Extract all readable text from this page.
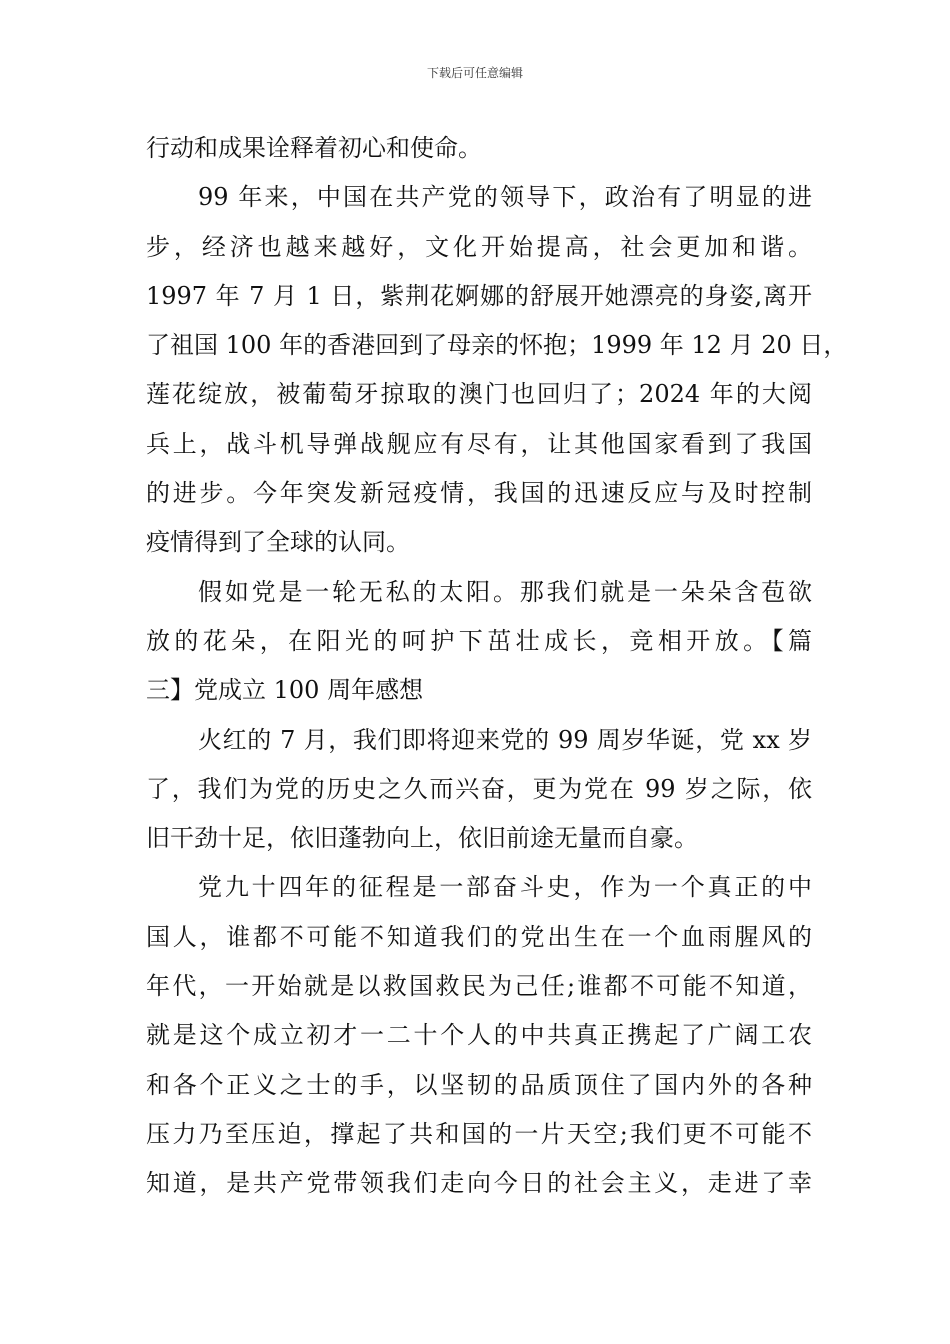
下载后可任意编辑
行动和成果诠释着初心和使命。
99 年来，中国在共产党的领导下，政治有了明显的进
步，经济也越来越好，文化开始提高，社会更加和谐。
1997 年 7 月 1 日，紫荆花婀娜的舒展开她漂亮的身姿,离开
了祖国 100 年的香港回到了母亲的怀抱；1999 年 12 月 20 日，
莲花绽放，被葡萄牙掠取的澳门也回归了；2024 年的大阅
兵上，战斗机导弹战舰应有尽有，让其他国家看到了我国
的进步。今年突发新冠疫情，我国的迅速反应与及时控制
疫情得到了全球的认同。
假如党是一轮无私的太阳。那我们就是一朵朵含苞欲
放的花朵，在阳光的呵护下茁壮成长，竞相开放。【篇
三】党成立 100 周年感想
火红的 7 月，我们即将迎来党的 99 周岁华诞，党 xx 岁
了，我们为党的历史之久而兴奋，更为党在 99 岁之际，依
旧干劲十足，依旧蓬勃向上，依旧前途无量而自豪。
党九十四年的征程是一部奋斗史，作为一个真正的中
国人，谁都不可能不知道我们的党出生在一个血雨腥风的
年代，一开始就是以救国救民为己任;谁都不可能不知道，
就是这个成立初才一二十个人的中共真正携起了广阔工农
和各个正义之士的手，以坚韧的品质顶住了国内外的各种
压力乃至压迫，撑起了共和国的一片天空;我们更不可能不
知道，是共产党带领我们走向今日的社会主义，走进了幸
